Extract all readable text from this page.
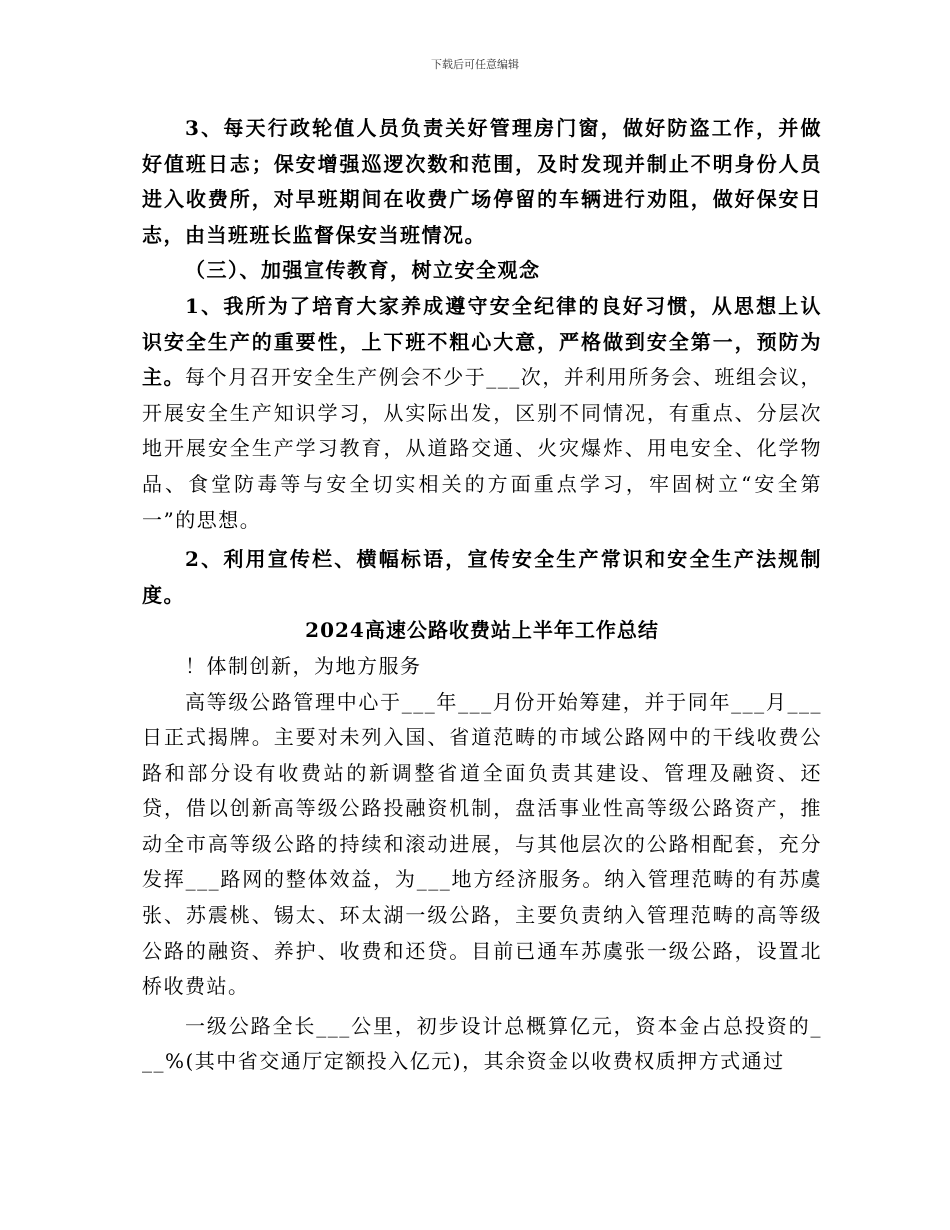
下载后可任意编辑

3、每天行政轮值人员负责关好管理房门窗，做好防盗工作，并做好值班日志；保安增强巡逻次数和范围，及时发现并制止不明身份人员进入收费所，对早班期间在收费广场停留的车辆进行劝阻，做好保安日志，由当班班长监督保安当班情况。

（三）、加强宣传教育，树立安全观念

1、我所为了培育大家养成遵守安全纪律的良好习惯，从思想上认识安全生产的重要性，上下班不粗心大意，严格做到安全第一，预防为主。每个月召开安全生产例会不少于___次，并利用所务会、班组会议，开展安全生产知识学习，从实际出发，区别不同情况，有重点、分层次地开展安全生产学习教育，从道路交通、火灾爆炸、用电安全、化学物品、食堂防毒等与安全切实相关的方面重点学习，牢固树立“安全第一”的思想。

2、利用宣传栏、横幅标语，宣传安全生产常识和安全生产法规制度。

2024高速公路收费站上半年工作总结

！体制创新，为地方服务

高等级公路管理中心于___年___月份开始筹建，并于同年___月___日正式揭牌。主要对未列入国、省道范畴的市域公路网中的干线收费公路和部分设有收费站的新调整省道全面负责其建设、管理及融资、还贷，借以创新高等级公路投融资机制，盘活事业性高等级公路资产，推动全市高等级公路的持续和滚动进展，与其他层次的公路相配套，充分发挥___路网的整体效益，为___地方经济服务。纳入管理范畴的有苏虞张、苏震桃、锡太、环太湖一级公路，主要负责纳入管理范畴的高等级公路的融资、养护、收费和还贷。目前已通车苏虞张一级公路，设置北桥收费站。

一级公路全长___公里，初步设计总概算亿元，资本金占总投资的___%(其中省交通厅定额投入亿元)，其余资金以收费权质押方式通过
